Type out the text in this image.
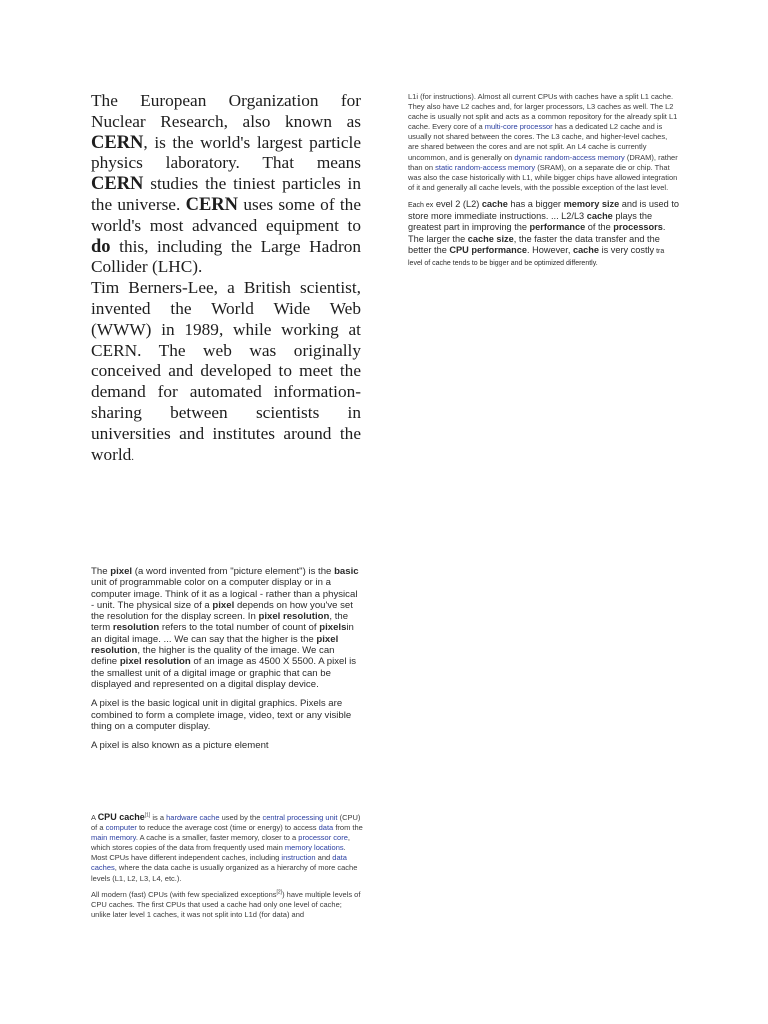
The European Organization for Nuclear Research, also known as CERN, is the world's largest particle physics laboratory. That means CERN studies the tiniest particles in the universe. CERN uses some of the world's most advanced equipment to do this, including the Large Hadron Collider (LHC).

Tim Berners-Lee, a British scientist, invented the World Wide Web (WWW) in 1989, while working at CERN. The web was originally conceived and developed to meet the demand for automated information-sharing between scientists in universities and institutes around the world.

The pixel (a word invented from "picture element") is the basic unit of programmable color on a computer display or in a computer image. Think of it as a logical - rather than a physical - unit. The physical size of a pixel depends on how you've set the resolution for the display screen. In pixel resolution, the term resolution refers to the total number of count of pixelsin an digital image. ... We can say that the higher is the pixel resolution, the higher is the quality of the image. We can define pixel resolution of an image as 4500 X 5500. A pixel is the smallest unit of a digital image or graphic that can be displayed and represented on a digital display device.

A pixel is the basic logical unit in digital graphics. Pixels are combined to form a complete image, video, text or any visible thing on a computer display.

A pixel is also known as a picture element

A CPU cache[1] is a hardware cache used by the central processing unit (CPU) of a computer to reduce the average cost (time or energy) to access data from the main memory. A cache is a smaller, faster memory, closer to a processor core, which stores copies of the data from frequently used main memory locations. Most CPUs have different independent caches, including instruction and data caches, where the data cache is usually organized as a hierarchy of more cache levels (L1, L2, L3, L4, etc.).

All modern (fast) CPUs (with few specialized exceptions[2]) have multiple levels of CPU caches. The first CPUs that used a cache had only one level of cache; unlike later level 1 caches, it was not split into L1d (for data) and

L1i (for instructions). Almost all current CPUs with caches have a split L1 cache. They also have L2 caches and, for larger processors, L3 caches as well. The L2 cache is usually not split and acts as a common repository for the already split L1 cache. Every core of a multi-core processor has a dedicated L2 cache and is usually not shared between the cores. The L3 cache, and higher-level caches, are shared between the cores and are not split. An L4 cache is currently uncommon, and is generally on dynamic random-access memory (DRAM), rather than on static random-access memory (SRAM), on a separate die or chip. That was also the case historically with L1, while bigger chips have allowed integration of it and generally all cache levels, with the possible exception of the last level.

Each ex evel 2 (L2) cache has a bigger memory size and is used to store more immediate instructions. ... L2/L3 cache plays the greatest part in improving the performance of the processors. The larger the cache size, the faster the data transfer and the better the CPU performance. However, cache is very costly tra level of cache tends to be bigger and be optimized differently.
